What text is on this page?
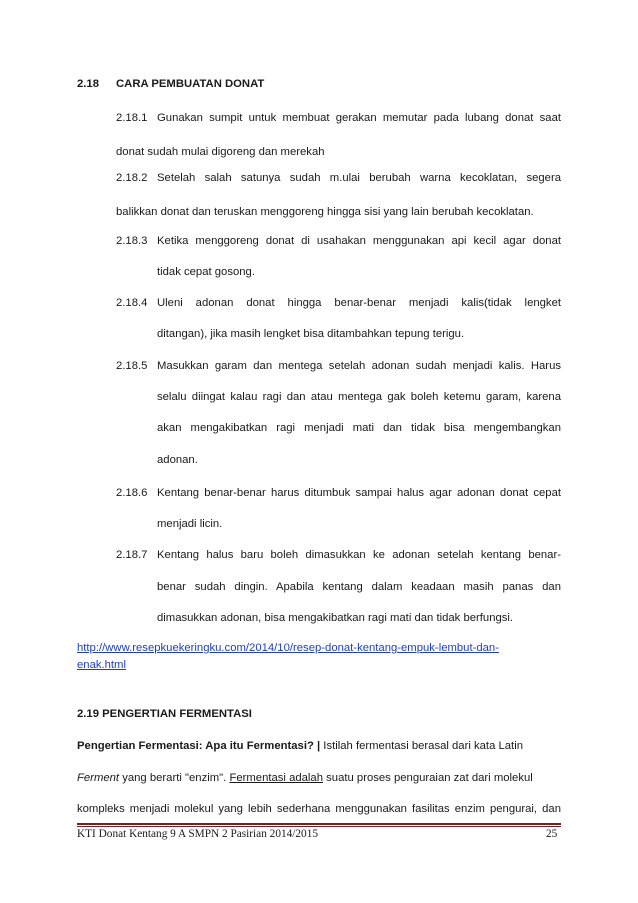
2.18 CARA PEMBUATAN DONAT
2.18.1 Gunakan sumpit untuk membuat gerakan memutar pada lubang donat saat
donat sudah mulai digoreng dan merekah
2.18.2 Setelah salah satunya sudah m.ulai berubah warna kecoklatan, segera
balikkan donat dan teruskan menggoreng hingga sisi yang lain berubah kecoklatan.
2.18.3 Ketika menggoreng donat di usahakan menggunakan api kecil agar donat
tidak cepat gosong.
2.18.4 Uleni adonan donat hingga benar-benar menjadi kalis(tidak lengket
ditangan), jika masih lengket bisa ditambahkan tepung terigu.
2.18.5 Masukkan garam dan mentega setelah adonan sudah menjadi kalis. Harus
selalu diingat kalau ragi dan atau mentega gak boleh ketemu garam, karena
akan mengakibatkan ragi menjadi mati dan tidak bisa mengembangkan
adonan.
2.18.6 Kentang benar-benar harus ditumbuk sampai halus agar adonan donat cepat
menjadi licin.
2.18.7 Kentang halus baru boleh dimasukkan ke adonan setelah kentang benar-
benar sudah dingin. Apabila kentang dalam keadaan masih panas dan
dimasukkan adonan, bisa mengakibatkan ragi mati dan tidak berfungsi.
http://www.resepkuekeringku.com/2014/10/resep-donat-kentang-empuk-lembut-dan-
enak.html
2.19 PENGERTIAN FERMENTASI
Pengertian Fermentasi: Apa itu Fermentasi? | Istilah fermentasi berasal dari kata Latin
Ferment yang berarti "enzim". Fermentasi adalah suatu proses penguraian zat dari molekul
kompleks menjadi molekul yang lebih sederhana menggunakan fasilitas enzim pengurai, dan
KTI Donat Kentang 9 A SMPN 2 Pasirian 2014/2015	25
